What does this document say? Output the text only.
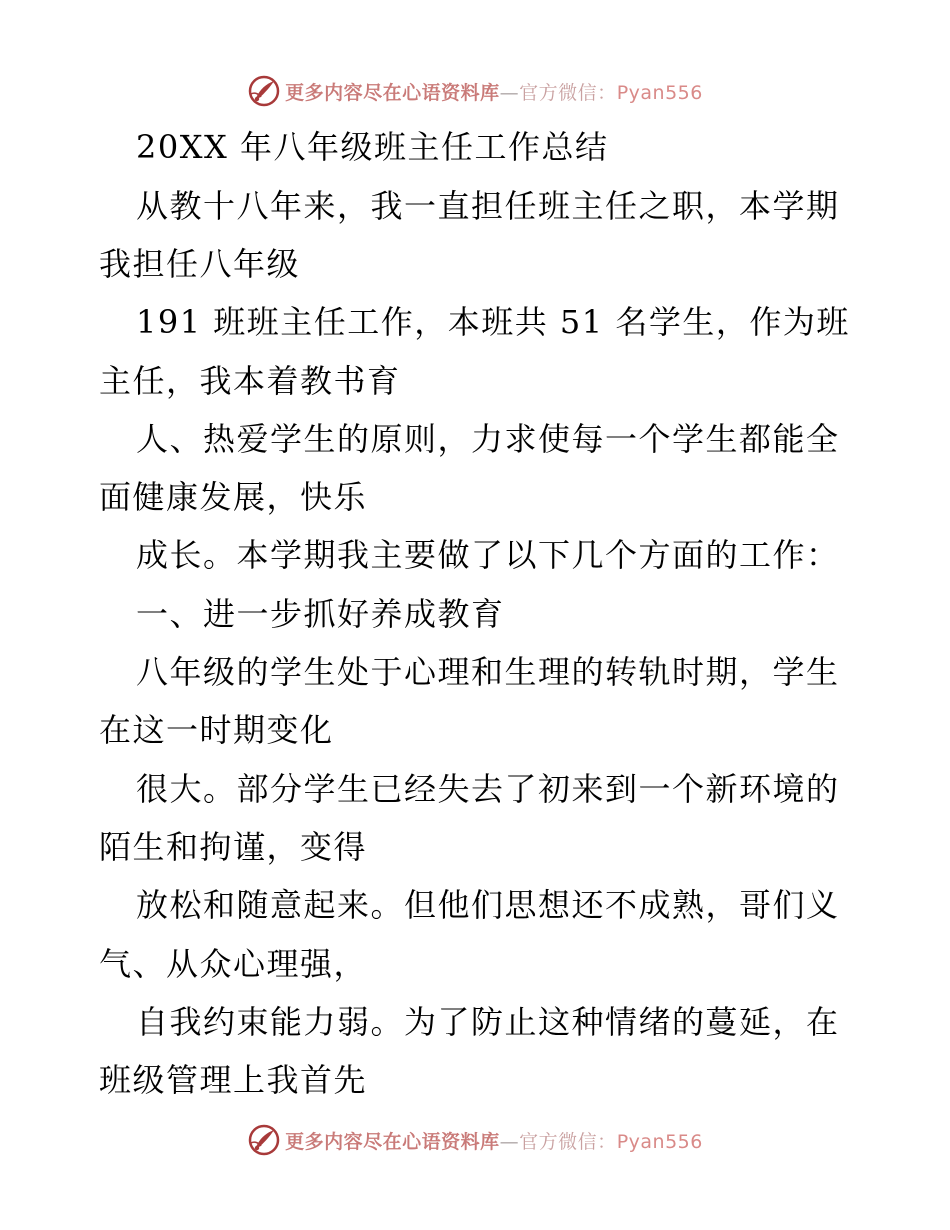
更多内容尽在心语资料库—官方微信：Pyan556
20XX 年八年级班主任工作总结
从教十八年来，我一直担任班主任之职，本学期
我担任八年级
191 班班主任工作，本班共 51 名学生，作为班
主任，我本着教书育
人、热爱学生的原则，力求使每一个学生都能全
面健康发展，快乐
成长。本学期我主要做了以下几个方面的工作：
一、进一步抓好养成教育
八年级的学生处于心理和生理的转轨时期，学生
在这一时期变化
很大。部分学生已经失去了初来到一个新环境的
陌生和拘谨，变得
放松和随意起来。但他们思想还不成熟，哥们义
气、从众心理强，
自我约束能力弱。为了防止这种情绪的蔓延，在
班级管理上我首先
更多内容尽在心语资料库—官方微信：Pyan556
